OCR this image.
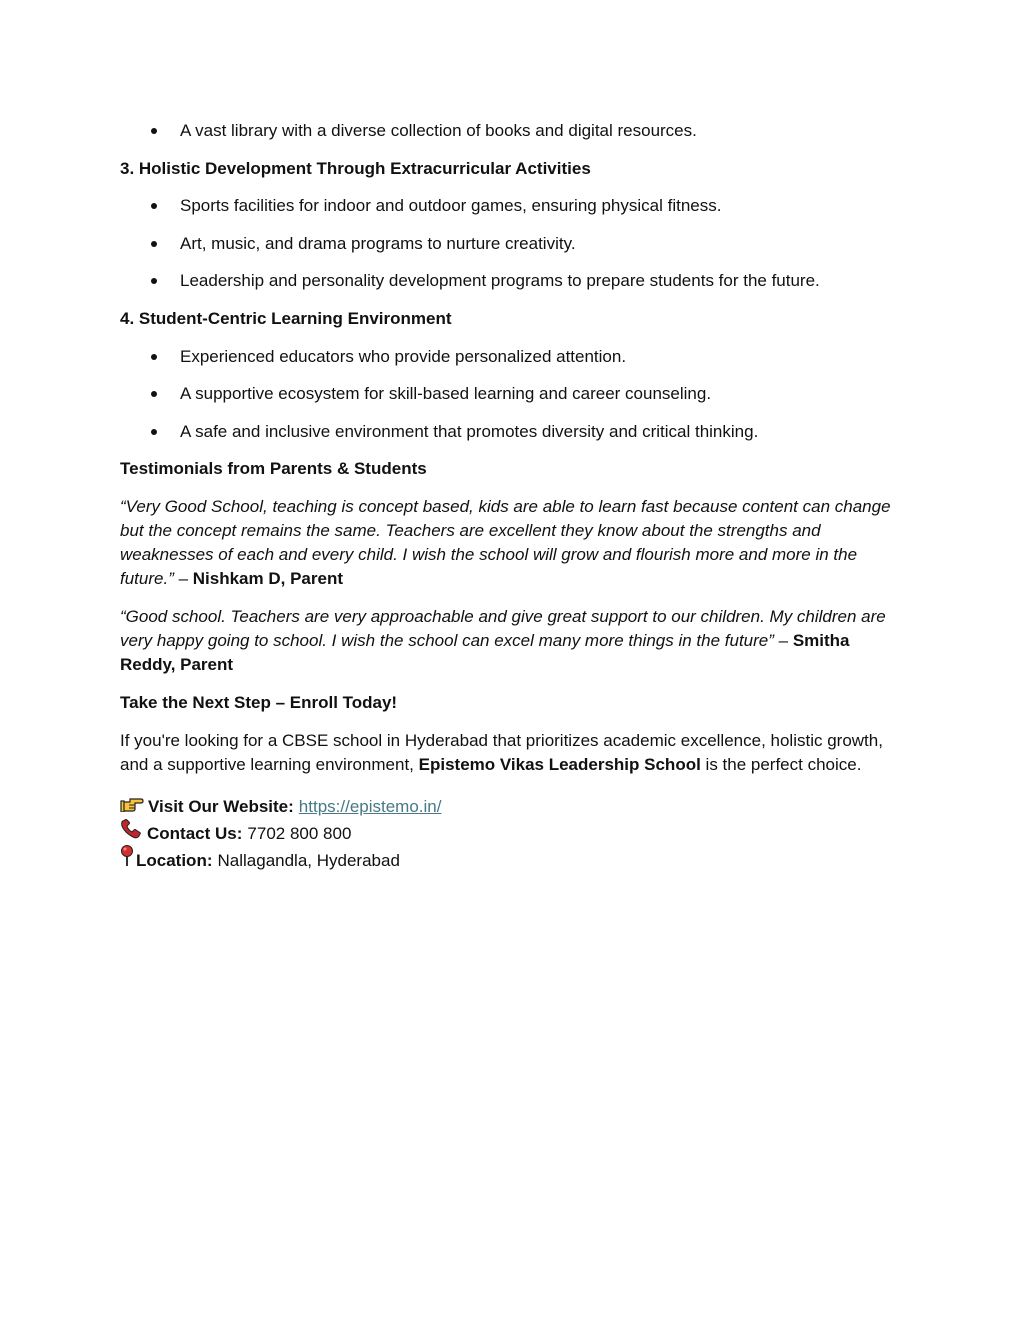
A vast library with a diverse collection of books and digital resources.
3. Holistic Development Through Extracurricular Activities
Sports facilities for indoor and outdoor games, ensuring physical fitness.
Art, music, and drama programs to nurture creativity.
Leadership and personality development programs to prepare students for the future.
4. Student-Centric Learning Environment
Experienced educators who provide personalized attention.
A supportive ecosystem for skill-based learning and career counseling.
A safe and inclusive environment that promotes diversity and critical thinking.
Testimonials from Parents & Students

“Very Good School, teaching is concept based, kids are able to learn fast because content can change but the concept remains the same. Teachers are excellent they know about the strengths and weaknesses of each and every child. I wish the school will grow and flourish more and more in the future.” – Nishkam D, Parent

“Good school. Teachers are very approachable and give great support to our children. My children are very happy going to school. I wish the school can excel many more things in the future” – Smitha Reddy, Parent

Take the Next Step – Enroll Today!

If you're looking for a CBSE school in Hyderabad that prioritizes academic excellence, holistic growth, and a supportive learning environment, Epistemo Vikas Leadership School is the perfect choice.

Visit Our Website: https://epistemo.in/
Contact Us: 7702 800 800
Location: Nallagandla, Hyderabad
